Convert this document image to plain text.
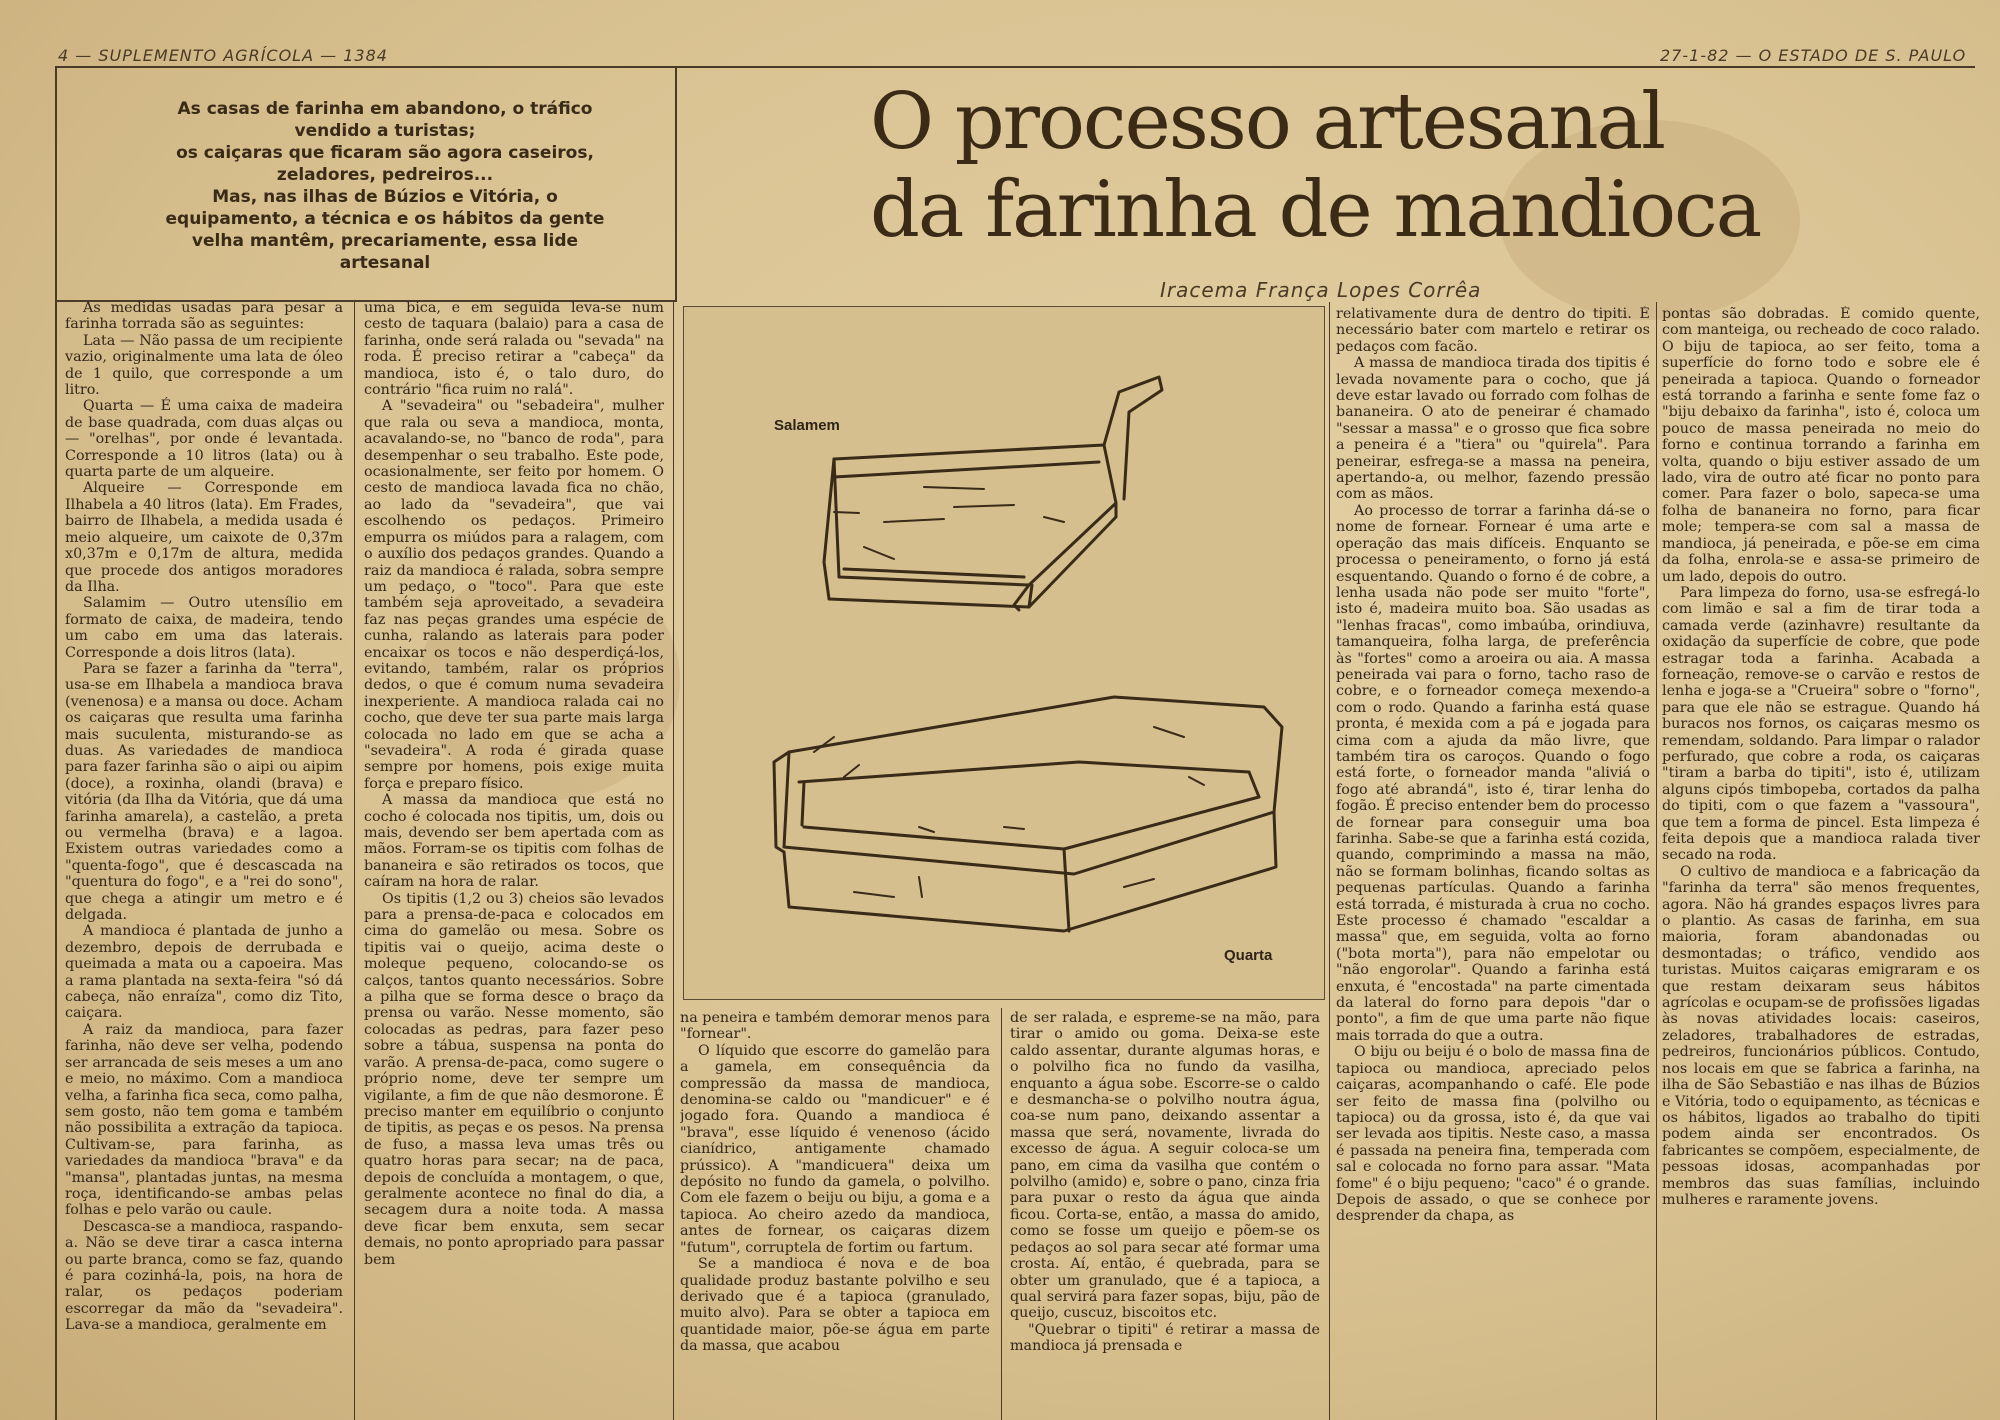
4 — SUPLEMENTO AGRÍCOLA — 1384	27-1-82 — O ESTADO DE S. PAULO
As casas de farinha em abandono, o tráfico vendido a turistas;
os caiçaras que ficaram são agora caseiros, zeladores, pedreiros...
Mas, nas ilhas de Búzios e Vitória, o equipamento, a técnica e os hábitos da gente velha mantêm, precariamente, essa lide artesanal
O processo artesanal
da farinha de mandioca
Iracema França Lopes Corrêa

As medidas usadas para pesar a farinha torrada são as seguintes:

Lata — Não passa de um recipiente vazio, originalmente uma lata de óleo de 1 quilo, que corresponde a um litro.

Quarta — É uma caixa de madeira de base quadrada, com duas alças ou — "orelhas", por onde é levantada. Corresponde a 10 litros (lata) ou à quarta parte de um alqueire.

Alqueire — Corresponde em Ilhabela a 40 litros (lata). Em Frades, bairro de Ilhabela, a medida usada é meio alqueire, um caixote de 0,37m x0,37m e 0,17m de altura, medida que procede dos antigos moradores da Ilha.

Salamim — Outro utensílio em formato de caixa, de madeira, tendo um cabo em uma das laterais. Corresponde a dois litros (lata).

Para se fazer a farinha da "terra", usa-se em Ilhabela a mandioca brava (venenosa) e a mansa ou doce. Acham os caiçaras que resulta uma farinha mais suculenta, misturando-se as duas. As variedades de mandioca para fazer farinha são o aipi ou aipim (doce), a roxinha, olandi (brava) e vitória (da Ilha da Vitória, que dá uma farinha amarela), a castelão, a preta ou vermelha (brava) e a lagoa. Existem outras variedades como a "quenta-fogo", que é descascada na "quentura do fogo", e a "rei do sono", que chega a atingir um metro e é delgada.

A mandioca é plantada de junho a dezembro, depois de derrubada e queimada a mata ou a capoeira. Mas a rama plantada na sexta-feira "só dá cabeça, não enraíza", como diz Tito, caiçara.

A raiz da mandioca, para fazer farinha, não deve ser velha, podendo ser arrancada de seis meses a um ano e meio, no máximo. Com a mandioca velha, a farinha fica seca, como palha, sem gosto, não tem goma e também não possibilita a extração da tapioca. Cultivam-se, para farinha, as variedades da mandioca "brava" e da "mansa", plantadas juntas, na mesma roça, identificando-se ambas pelas folhas e pelo varão ou caule.

Descasca-se a mandioca, raspando-a. Não se deve tirar a casca interna ou parte branca, como se faz, quando é para cozinhá-la, pois, na hora de ralar, os pedaços poderiam escorregar da mão da "sevadeira". Lava-se a mandioca, geralmente em

uma bica, e em seguida leva-se num cesto de taquara (balaio) para a casa de farinha, onde será ralada ou "sevada" na roda. É preciso retirar a "cabeça" da mandioca, isto é, o talo duro, do contrário "fica ruim no ralá".

A "sevadeira" ou "sebadeira", mulher que rala ou seva a mandioca, monta, acavalando-se, no "banco de roda", para desempenhar o seu trabalho. Este pode, ocasionalmente, ser feito por homem. O cesto de mandioca lavada fica no chão, ao lado da "sevadeira", que vai escolhendo os pedaços. Primeiro empurra os miúdos para a ralagem, com o auxílio dos pedaços grandes. Quando a raiz da mandioca é ralada, sobra sempre um pedaço, o "toco". Para que este também seja aproveitado, a sevadeira faz nas peças grandes uma espécie de cunha, ralando as laterais para poder encaixar os tocos e não desperdiçá-los, evitando, também, ralar os próprios dedos, o que é comum numa sevadeira inexperiente. A mandioca ralada cai no cocho, que deve ter sua parte mais larga colocada no lado em que se acha a "sevadeira". A roda é girada quase sempre por homens, pois exige muita força e preparo físico.

A massa da mandioca que está no cocho é colocada nos tipitis, um, dois ou mais, devendo ser bem apertada com as mãos. Forram-se os tipitis com folhas de bananeira e são retirados os tocos, que caíram na hora de ralar.

Os tipitis (1,2 ou 3) cheios são levados para a prensa-de-paca e colocados em cima do gamelão ou mesa. Sobre os tipitis vai o queijo, acima deste o moleque pequeno, colocando-se os calços, tantos quanto necessários. Sobre a pilha que se forma desce o braço da prensa ou varão. Nesse momento, são colocadas as pedras, para fazer peso sobre a tábua, suspensa na ponta do varão. A prensa-de-paca, como sugere o próprio nome, deve ter sempre um vigilante, a fim de que não desmorone. É preciso manter em equilíbrio o conjunto de tipitis, as peças e os pesos. Na prensa de fuso, a massa leva umas três ou quatro horas para secar; na de paca, depois de concluída a montagem, o que, geralmente acontece no final do dia, a secagem dura a noite toda. A massa deve ficar bem enxuta, sem secar demais, no ponto apropriado para passar bem

Salamem
Quarta

na peneira e também demorar menos para "fornear".

O líquido que escorre do gamelão para a gamela, em consequência da compressão da massa de mandioca, denomina-se caldo ou "mandicuer" e é jogado fora. Quando a mandioca é "brava", esse líquido é venenoso (ácido cianídrico, antigamente chamado prússico). A "mandicuera" deixa um depósito no fundo da gamela, o polvilho. Com ele fazem o beiju ou biju, a goma e a tapioca. Ao cheiro azedo da mandioca, antes de fornear, os caiçaras dizem "futum", corruptela de fortim ou fartum.

Se a mandioca é nova e de boa qualidade produz bastante polvilho e seu derivado que é a tapioca (granulado, muito alvo). Para se obter a tapioca em quantidade maior, põe-se água em parte da massa, que acabou

de ser ralada, e espreme-se na mão, para tirar o amido ou goma. Deixa-se este caldo assentar, durante algumas horas, e o polvilho fica no fundo da vasilha, enquanto a água sobe. Escorre-se o caldo e desmancha-se o polvilho noutra água, coa-se num pano, deixando assentar a massa que será, novamente, livrada do excesso de água. A seguir coloca-se um pano, em cima da vasilha que contém o polvilho (amido) e, sobre o pano, cinza fria para puxar o resto da água que ainda ficou. Corta-se, então, a massa do amido, como se fosse um queijo e põem-se os pedaços ao sol para secar até formar uma crosta. Aí, então, é quebrada, para se obter um granulado, que é a tapioca, a qual servirá para fazer sopas, biju, pão de queijo, cuscuz, biscoitos etc.

"Quebrar o tipiti" é retirar a massa de mandioca já prensada e

relativamente dura de dentro do tipiti. É necessário bater com martelo e retirar os pedaços com facão.

A massa de mandioca tirada dos tipitis é levada novamente para o cocho, que já deve estar lavado ou forrado com folhas de bananeira. O ato de peneirar é chamado "sessar a massa" e o grosso que fica sobre a peneira é a "tiera" ou "quirela". Para peneirar, esfrega-se a massa na peneira, apertando-a, ou melhor, fazendo pressão com as mãos.

Ao processo de torrar a farinha dá-se o nome de fornear. Fornear é uma arte e operação das mais difíceis. Enquanto se processa o peneiramento, o forno já está esquentando. Quando o forno é de cobre, a lenha usada não pode ser muito "forte", isto é, madeira muito boa. São usadas as "lenhas fracas", como imbaúba, orindiuva, tamanqueira, folha larga, de preferência às "fortes" como a aroeira ou aia. A massa peneirada vai para o forno, tacho raso de cobre, e o forneador começa mexendo-a com o rodo. Quando a farinha está quase pronta, é mexida com a pá e jogada para cima com a ajuda da mão livre, que também tira os caroços. Quando o fogo está forte, o forneador manda "aliviá o fogo até abrandá", isto é, tirar lenha do fogão. É preciso entender bem do processo de fornear para conseguir uma boa farinha. Sabe-se que a farinha está cozida, quando, comprimindo a massa na mão, não se formam bolinhas, ficando soltas as pequenas partículas. Quando a farinha está torrada, é misturada à crua no cocho. Este processo é chamado "escaldar a massa" que, em seguida, volta ao forno ("bota morta"), para não empelotar ou "não engorolar". Quando a farinha está enxuta, é "encostada" na parte cimentada da lateral do forno para depois "dar o ponto", a fim de que uma parte não fique mais torrada do que a outra.

O biju ou beiju é o bolo de massa fina de tapioca ou mandioca, apreciado pelos caiçaras, acompanhando o café. Ele pode ser feito de massa fina (polvilho ou tapioca) ou da grossa, isto é, da que vai ser levada aos tipitis. Neste caso, a massa é passada na peneira fina, temperada com sal e colocada no forno para assar. "Mata fome" é o biju pequeno; "caco" é o grande. Depois de assado, o que se conhece por desprender da chapa, as

pontas são dobradas. É comido quente, com manteiga, ou recheado de coco ralado. O biju de tapioca, ao ser feito, toma a superfície do forno todo e sobre ele é peneirada a tapioca. Quando o forneador está torrando a farinha e sente fome faz o "biju debaixo da farinha", isto é, coloca um pouco de massa peneirada no meio do forno e continua torrando a farinha em volta, quando o biju estiver assado de um lado, vira de outro até ficar no ponto para comer. Para fazer o bolo, sapeca-se uma folha de bananeira no forno, para ficar mole; tempera-se com sal a massa de mandioca, já peneirada, e põe-se em cima da folha, enrola-se e assa-se primeiro de um lado, depois do outro.

Para limpeza do forno, usa-se esfregá-lo com limão e sal a fim de tirar toda a camada verde (azinhavre) resultante da oxidação da superfície de cobre, que pode estragar toda a farinha. Acabada a forneação, remove-se o carvão e restos de lenha e joga-se a "Crueira" sobre o "forno", para que ele não se estrague. Quando há buracos nos fornos, os caiçaras mesmo os remendam, soldando. Para limpar o ralador perfurado, que cobre a roda, os caiçaras "tiram a barba do tipiti", isto é, utilizam alguns cipós timbopeba, cortados da palha do tipiti, com o que fazem a "vassoura", que tem a forma de pincel. Esta limpeza é feita depois que a mandioca ralada tiver secado na roda.

O cultivo de mandioca e a fabricação da "farinha da terra" são menos frequentes, agora. Não há grandes espaços livres para o plantio. As casas de farinha, em sua maioria, foram abandonadas ou desmontadas; o tráfico, vendido aos turistas. Muitos caiçaras emigraram e os que restam deixaram seus hábitos agrícolas e ocupam-se de profissões ligadas às novas atividades locais: caseiros, zeladores, trabalhadores de estradas, pedreiros, funcionários públicos. Contudo, nos locais em que se fabrica a farinha, na ilha de São Sebastião e nas ilhas de Búzios e Vitória, todo o equipamento, as técnicas e os hábitos, ligados ao trabalho do tipiti podem ainda ser encontrados. Os fabricantes se compõem, especialmente, de pessoas idosas, acompanhadas por membros das suas famílias, incluindo mulheres e raramente jovens.
